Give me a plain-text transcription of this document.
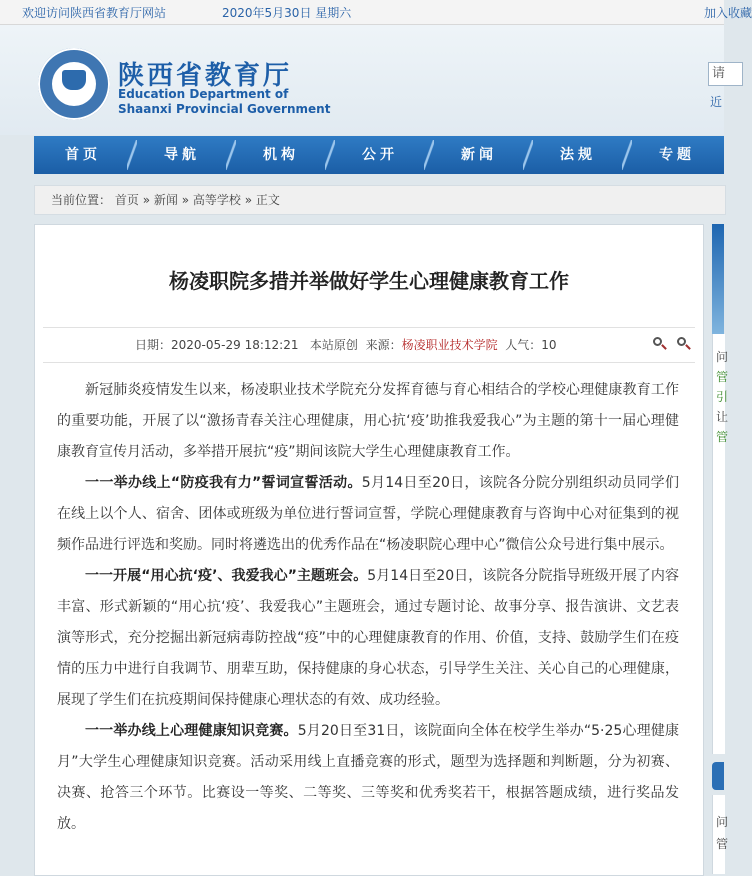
欢迎访问陕西省教育厅网站	2020年5月30日 星期六	加入收藏
陕西省教育厅
Education Department of
Shaanxi Provincial Government
请
近
首页	导航	机构	公开	新闻	法规	专题
当前位置： 首页 » 新闻 » 高等学校 » 正文
杨凌职院多措并举做好学生心理健康教育工作
日期：2020-05-29 18:12:21 本站原创 来源：杨凌职业技术学院 人气：10

新冠肺炎疫情发生以来，杨凌职业技术学院充分发挥育德与育心相结合的学校心理健康教育工作的重要功能，开展了以“激扬青春关注心理健康，用心抗‘疫’助推我爱我心”为主题的第十一届心理健康教育宣传月活动，多举措开展抗“疫”期间该院大学生心理健康教育工作。

一一举办线上“防疫我有力”誓词宣誓活动。5月14日至20日，该院各分院分别组织动员同学们在线上以个人、宿舍、团体或班级为单位进行誓词宣誓，学院心理健康教育与咨询中心对征集到的视频作品进行评选和奖励。同时将遴选出的优秀作品在“杨凌职院心理中心”微信公众号进行集中展示。

一一开展“用心抗‘疫’、我爱我心”主题班会。5月14日至20日，该院各分院指导班级开展了内容丰富、形式新颖的“用心抗‘疫’、我爱我心”主题班会，通过专题讨论、故事分享、报告演讲、文艺表演等形式，充分挖掘出新冠病毒防控战“疫”中的心理健康教育的作用、价值，支持、鼓励学生们在疫情的压力中进行自我调节、朋辈互助，保持健康的身心状态，引导学生关注、关心自己的心理健康，展现了学生们在抗疫期间保持健康心理状态的有效、成功经验。

一一举办线上心理健康知识竞赛。5月20日至31日，该院面向全体在校学生举办“5·25心理健康月”大学生心理健康知识竞赛。活动采用线上直播竞赛的形式，题型为选择题和判断题，分为初赛、决赛、抢答三个环节。比赛设一等奖、二等奖、三等奖和优秀奖若干，根据答题成绩，进行奖品发放。

问
管
引
让
管
问
管
